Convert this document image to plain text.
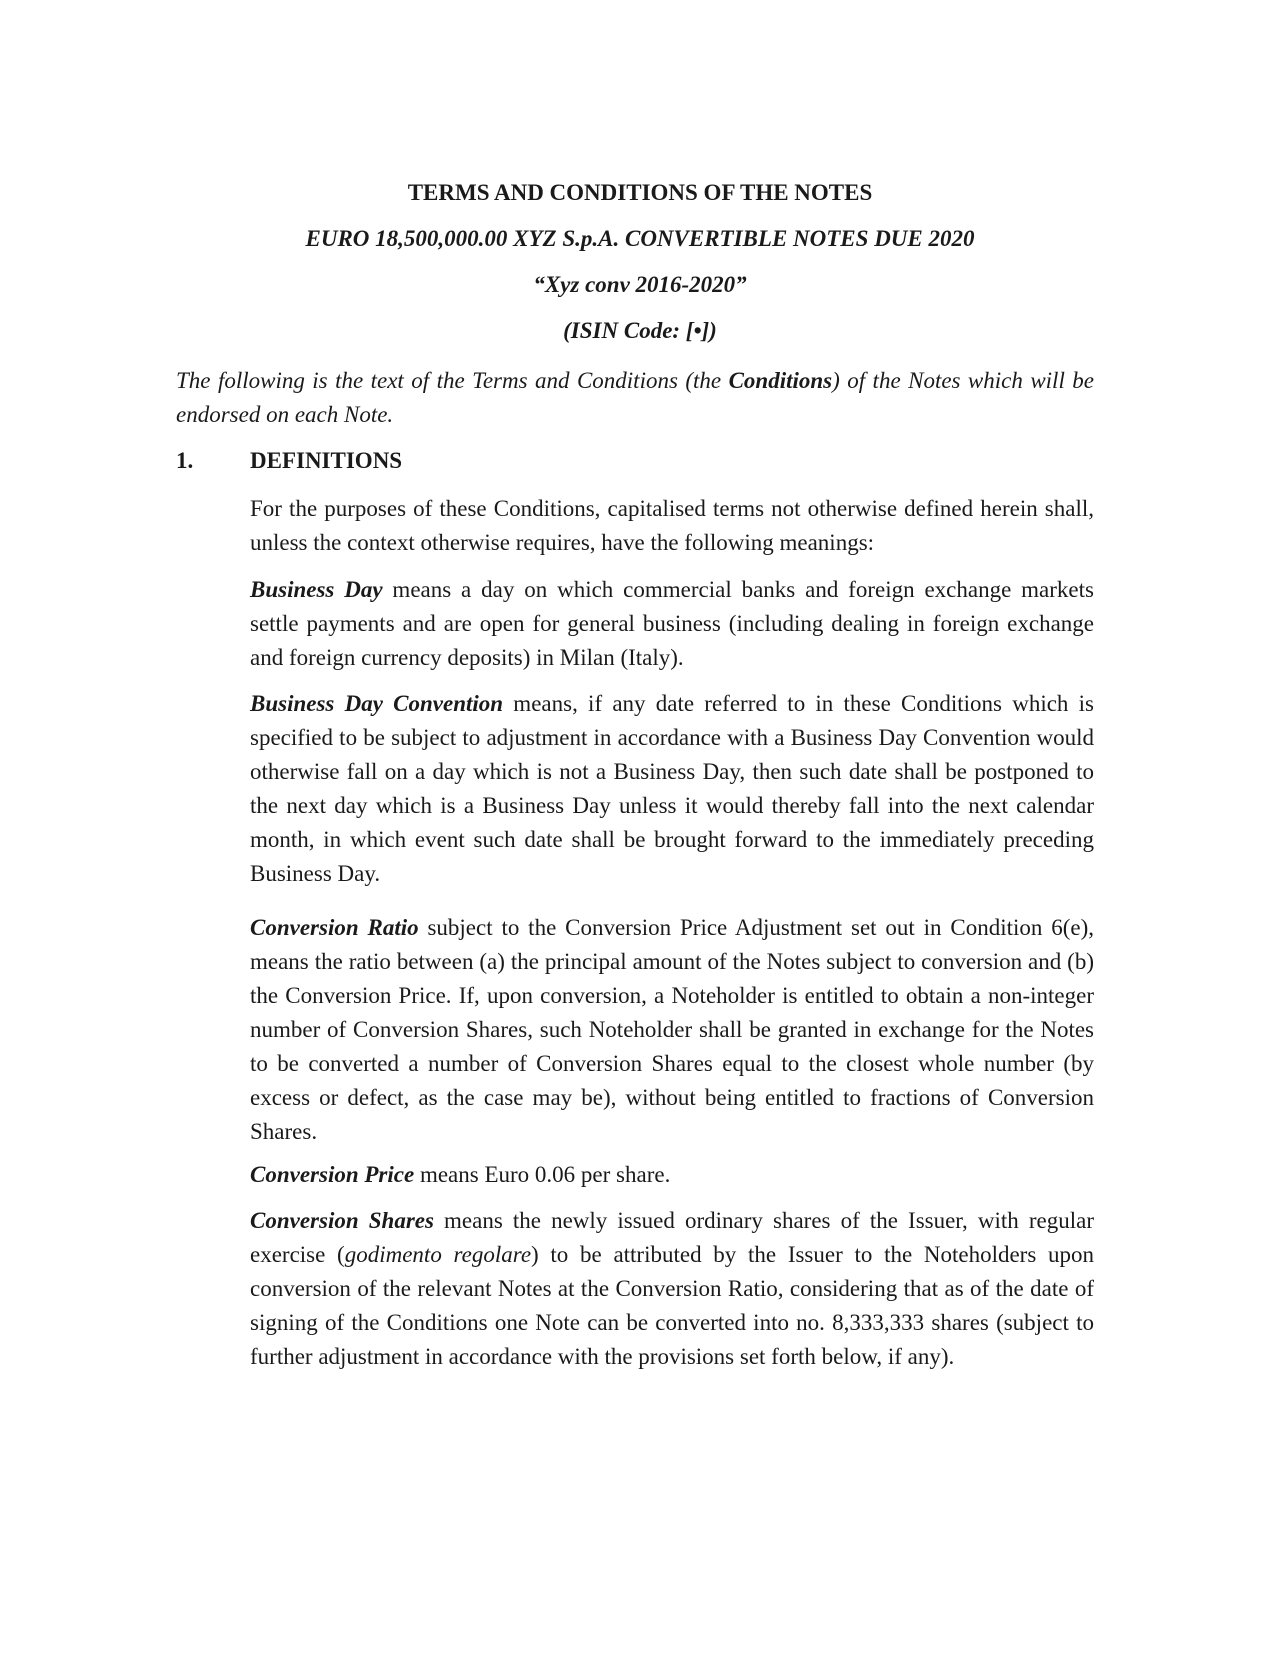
TERMS AND CONDITIONS OF THE NOTES
EURO 18,500,000.00 XYZ S.p.A. CONVERTIBLE NOTES DUE 2020
“Xyz conv 2016-2020”
(ISIN Code: [•])

The following is the text of the Terms and Conditions (the Conditions) of the Notes which will be endorsed on each Note.

1. DEFINITIONS

For the purposes of these Conditions, capitalised terms not otherwise defined herein shall, unless the context otherwise requires, have the following meanings:

Business Day means a day on which commercial banks and foreign exchange markets settle payments and are open for general business (including dealing in foreign exchange and foreign currency deposits) in Milan (Italy).

Business Day Convention means, if any date referred to in these Conditions which is specified to be subject to adjustment in accordance with a Business Day Convention would otherwise fall on a day which is not a Business Day, then such date shall be postponed to the next day which is a Business Day unless it would thereby fall into the next calendar month, in which event such date shall be brought forward to the immediately preceding Business Day.

Conversion Ratio subject to the Conversion Price Adjustment set out in Condition 6(e), means the ratio between (a) the principal amount of the Notes subject to conversion and (b) the Conversion Price. If, upon conversion, a Noteholder is entitled to obtain a non-integer number of Conversion Shares, such Noteholder shall be granted in exchange for the Notes to be converted a number of Conversion Shares equal to the closest whole number (by excess or defect, as the case may be), without being entitled to fractions of Conversion Shares.

Conversion Price means Euro 0.06 per share.

Conversion Shares means the newly issued ordinary shares of the Issuer, with regular exercise (godimento regolare) to be attributed by the Issuer to the Noteholders upon conversion of the relevant Notes at the Conversion Ratio, considering that as of the date of signing of the Conditions one Note can be converted into no. 8,333,333 shares (subject to further adjustment in accordance with the provisions set forth below, if any).
